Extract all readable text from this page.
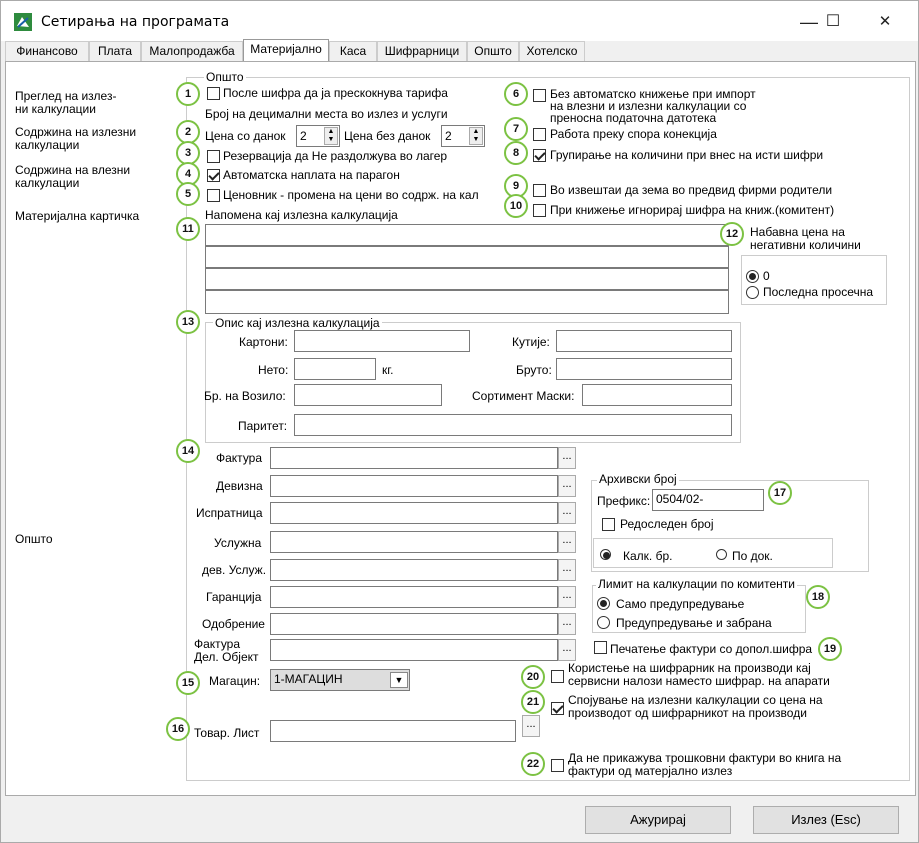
Сетирања на програмата	— ☐	✕
Финансово	Плата	Малопродажба	Материјално	Каса	Шифрарници	Општо	Хотелско
Преглед на излез-
ни калкулации
Содржина на излезни
калкулации
Содржина на влезни
калкулации
Материјална картичка
Општо
Општо
1	После шифра да ја прескокнува тарифа
Број на децимални места во излез и услуги
2	Цена со данок 2	▲
▼ Цена без данок 2	▲
▼
3	Резервација да Не раздолжува во лагер
4	Автоматска наплата на парагон
5	Ценовник - промена на цени во содрж. на кал
6	Без автоматско книжење при импорт
на влезни и излезни калкулации со
преносна податочна датотека
7	Работа преку спора конекција
8	Групирање на количини при внес на исти шифри
9	Во извештаи да зема во предвид фирми родители
10	При книжење игнорирај шифра на книж.(комитент)
11
Напомена кај излезна калкулација
12 Набавна цена на
негативни количини
0
Последна просечна
13	Опис кај излезна калкулација
Картони:	Кутије:
Нето:	кг.	Бруто:
Бр. на Возило:	Сортимент Маски:
Паритет:
14	Фактура	...
Девизна	...
Испратница	...
Услужна	...
дев. Услуж.	...
Гаранција	...
Одобрение	...
Фактура
Дел. Објект
...
15	Магацин:	1-МАГАЦИН	▼
16 Товар. Лист
...
Архивски број
Префикс: 0504/02-	17
Редоследен број
Калк. бр.	По док.
Лимит на калкулации по комитенти
18
Само предупредување
Предупредување и забрана
Печатење фактури со допол.шифра	19
20
Користење на шифрарник на производи кај
сервисни налози наместо шифрар. на апарати
21	Спојување на излезни калкулации со цена на
производот од шифрарникот на производи
22	Да не прикажува трошковни фактури во книга на
фактури од матерјално излез
Ажурирај	Излез (Esc)
